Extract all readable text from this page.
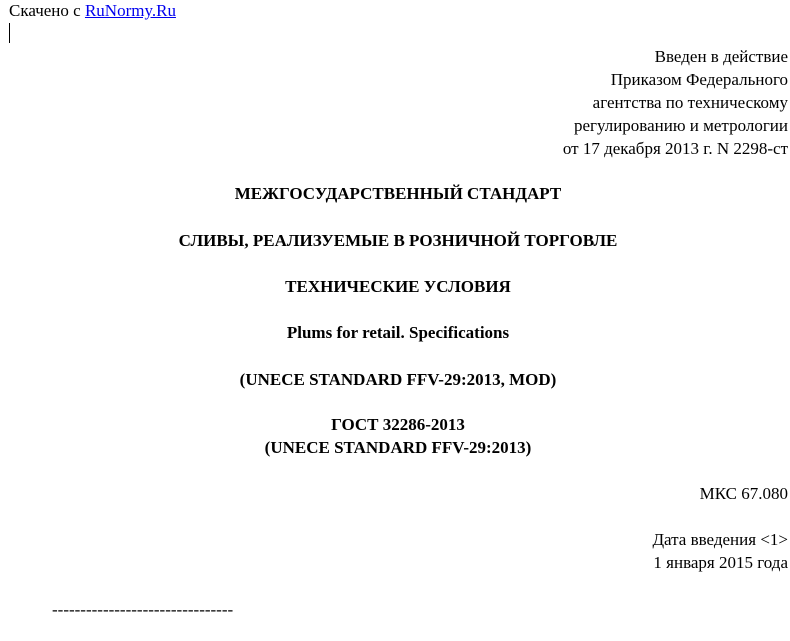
Скачено с RuNormy.Ru
Введен в действие
Приказом Федерального
агентства по техническому
регулированию и метрологии
от 17 декабря 2013 г. N 2298-ст
МЕЖГОСУДАРСТВЕННЫЙ СТАНДАРТ
СЛИВЫ, РЕАЛИЗУЕМЫЕ В РОЗНИЧНОЙ ТОРГОВЛЕ
ТЕХНИЧЕСКИЕ УСЛОВИЯ
Plums for retail. Specifications
(UNECE STANDARD FFV-29:2013, MOD)
ГОСТ 32286-2013
(UNECE STANDARD FFV-29:2013)
МКС 67.080
Дата введения <1>
1 января 2015 года
--------------------------------
